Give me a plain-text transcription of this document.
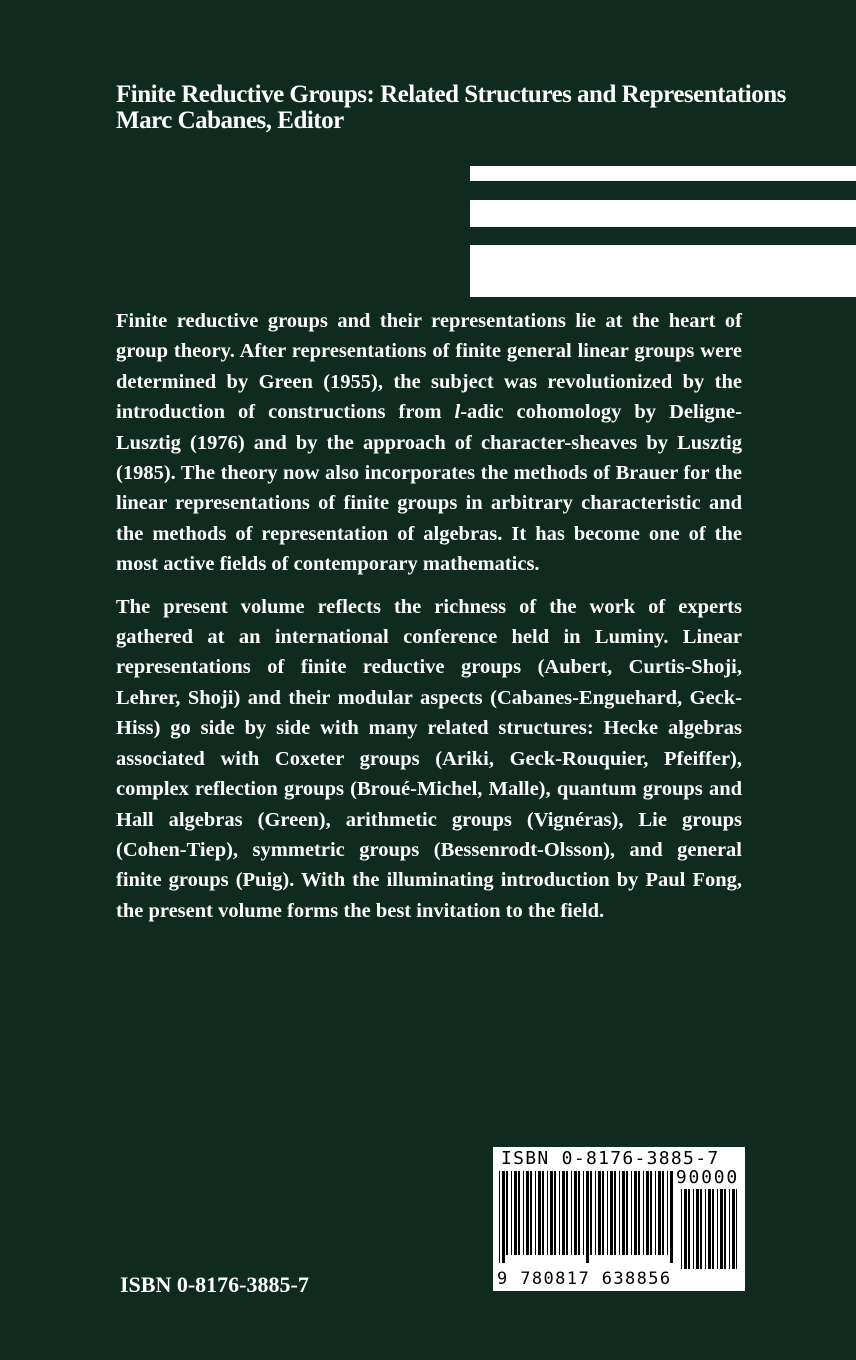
Finite Reductive Groups: Related Structures and Representations
Marc Cabanes, Editor

Finite reductive groups and their representations lie at the heart of group theory. After representations of finite general linear groups were determined by Green (1955), the subject was revolutionized by the introduction of constructions from l-adic cohomology by Deligne-Lusztig (1976) and by the approach of character-sheaves by Lusztig (1985). The theory now also incorporates the methods of Brauer for the linear representations of finite groups in arbitrary characteristic and the methods of representation of algebras. It has become one of the most active fields of contemporary mathematics.

The present volume reflects the richness of the work of experts gathered at an international conference held in Luminy. Linear representations of finite reductive groups (Aubert, Curtis-Shoji, Lehrer, Shoji) and their modular aspects (Cabanes-Enguehard, Geck-Hiss) go side by side with many related structures: Hecke algebras associated with Coxeter groups (Ariki, Geck-Rouquier, Pfeiffer), complex reflection groups (Broué-Michel, Malle), quantum groups and Hall algebras (Green), arithmetic groups (Vignéras), Lie groups (Cohen-Tiep), symmetric groups (Bessenrodt-Olsson), and general finite groups (Puig). With the illuminating introduction by Paul Fong, the present volume forms the best invitation to the field.

ISBN 0-8176-3885-7
ISBN 0-8176-3885-7
90000
9 780817 638856
